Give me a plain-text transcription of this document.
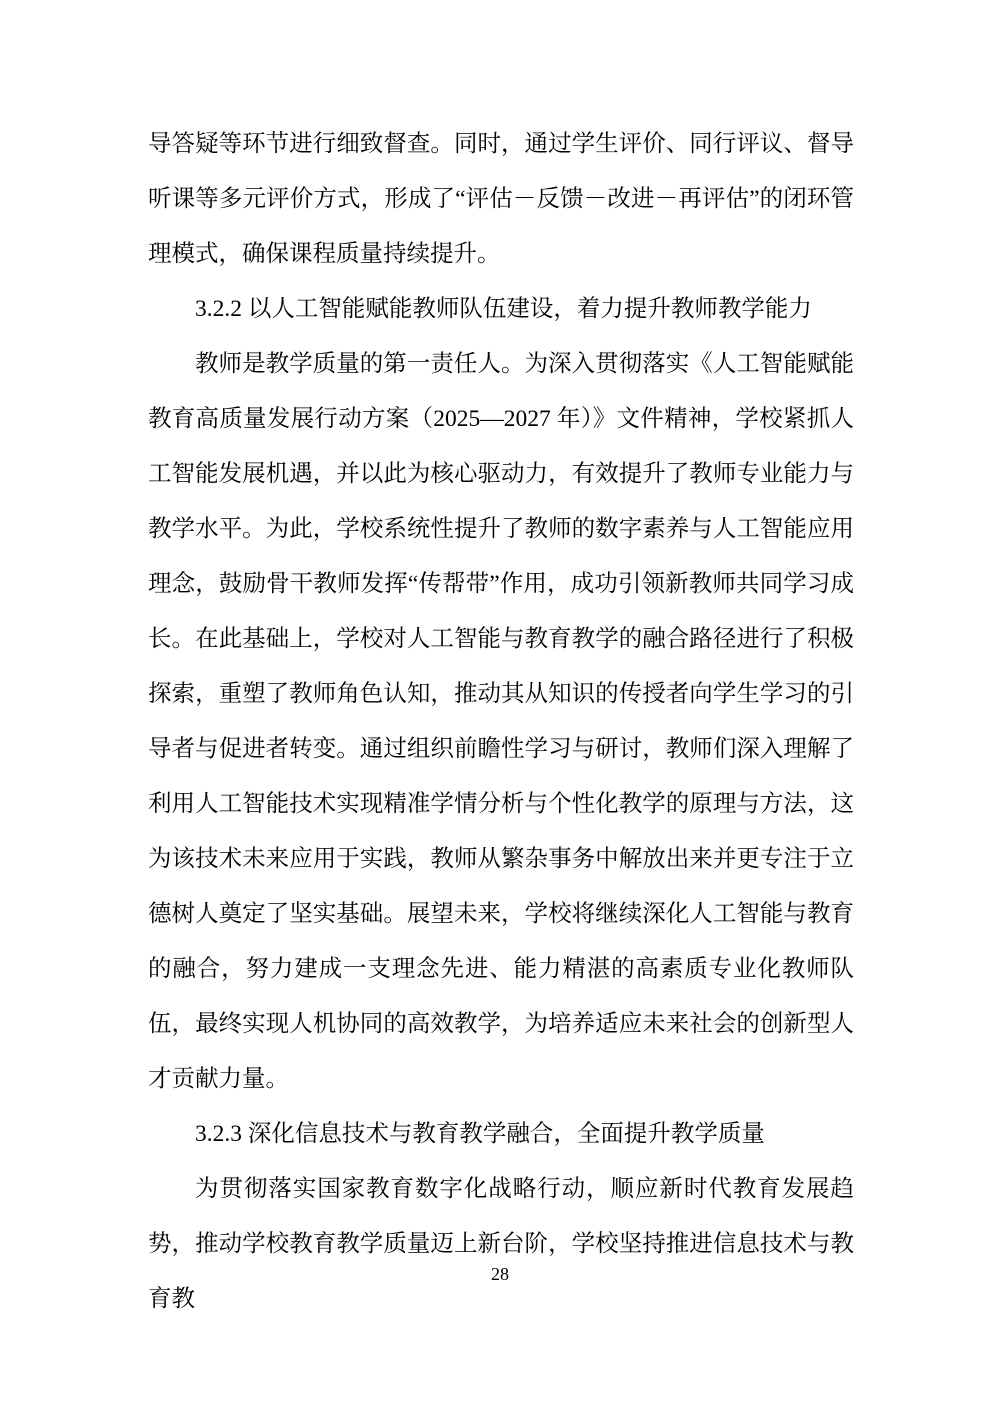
导答疑等环节进行细致督查。同时，通过学生评价、同行评议、督导听课等多元评价方式，形成了“评估－反馈－改进－再评估”的闭环管理模式，确保课程质量持续提升。

3.2.2 以人工智能赋能教师队伍建设，着力提升教师教学能力

教师是教学质量的第一责任人。为深入贯彻落实《人工智能赋能教育高质量发展行动方案（2025—2027 年）》文件精神，学校紧抓人工智能发展机遇，并以此为核心驱动力，有效提升了教师专业能力与教学水平。为此，学校系统性提升了教师的数字素养与人工智能应用理念，鼓励骨干教师发挥“传帮带”作用，成功引领新教师共同学习成长。在此基础上，学校对人工智能与教育教学的融合路径进行了积极探索，重塑了教师角色认知，推动其从知识的传授者向学生学习的引导者与促进者转变。通过组织前瞻性学习与研讨，教师们深入理解了利用人工智能技术实现精准学情分析与个性化教学的原理与方法，这为该技术未来应用于实践，教师从繁杂事务中解放出来并更专注于立德树人奠定了坚实基础。展望未来，学校将继续深化人工智能与教育的融合，努力建成一支理念先进、能力精湛的高素质专业化教师队伍，最终实现人机协同的高效教学，为培养适应未来社会的创新型人才贡献力量。

3.2.3 深化信息技术与教育教学融合，全面提升教学质量

为贯彻落实国家教育数字化战略行动，顺应新时代教育发展趋势，推动学校教育教学质量迈上新台阶，学校坚持推进信息技术与教育教

28
